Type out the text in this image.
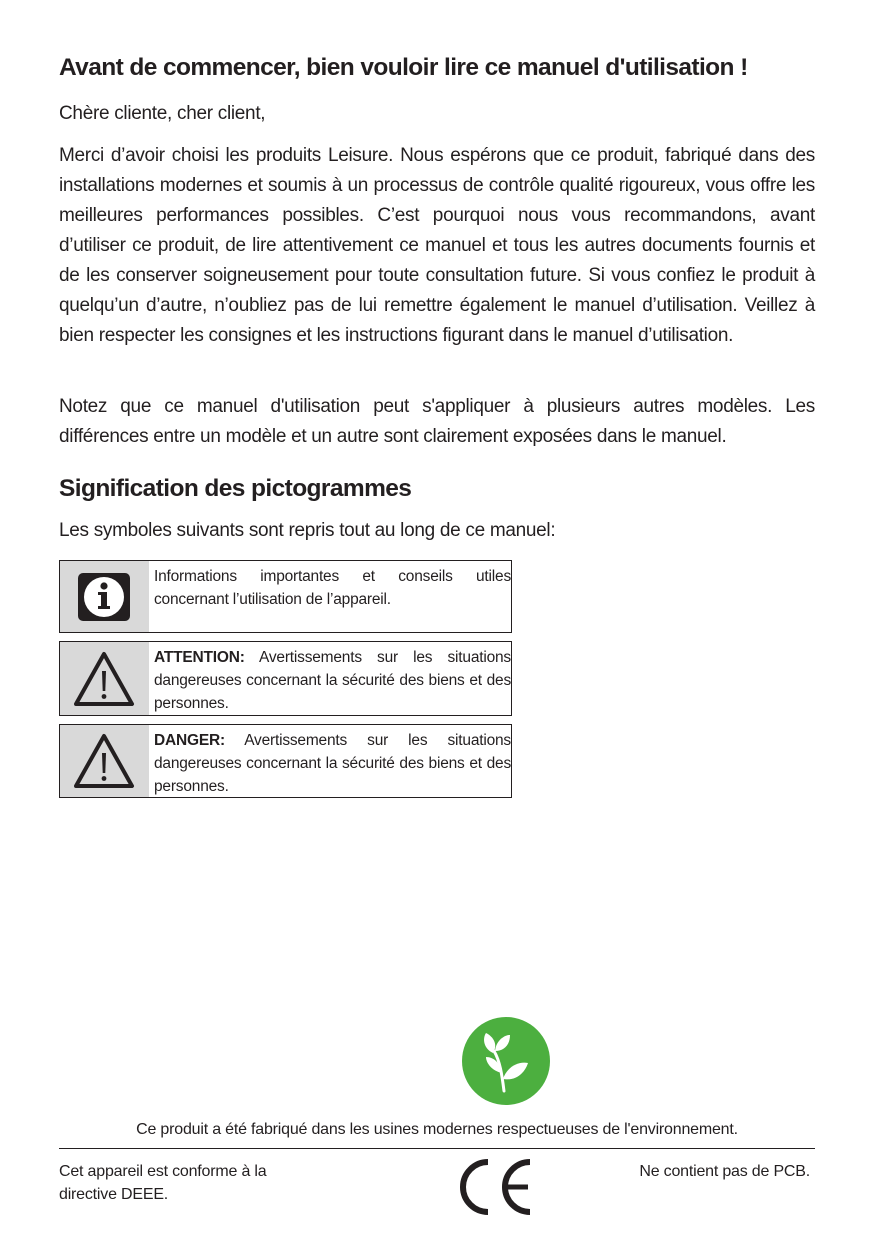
Avant de commencer, bien vouloir lire ce manuel d'utilisation !

Chère cliente, cher client,

Merci d’avoir choisi les produits Leisure. Nous espérons que ce produit, fabriqué dans des installations modernes et soumis à un processus de contrôle qualité rigoureux, vous offre les meilleures performances possibles. C’est pourquoi nous vous recommandons, avant d’utiliser ce produit, de lire attentivement ce manuel et tous les autres documents fournis et de les conserver soigneusement pour toute consultation future. Si vous confiez le produit à quelqu’un d’autre, n’oubliez pas de lui remettre également le manuel d’utilisation. Veillez à bien respecter les consignes et les instructions figurant dans le manuel d’utilisation.

Notez que ce manuel d'utilisation peut s'appliquer à plusieurs autres modèles. Les différences entre un modèle et un autre sont clairement exposées dans le manuel.

Signification des pictogrammes

Les symboles suivants sont repris tout au long de ce manuel:

Informations importantes et conseils utiles concernant l’utilisation de l’appareil.
ATTENTION: Avertissements sur les situations dangereuses concernant la sécurité des biens et des personnes.
DANGER: Avertissements sur les situations dangereuses concernant la sécurité des biens et des personnes.

Ce produit a été fabriqué dans les usines modernes respectueuses de l'environnement.

Cet appareil est conforme à la directive DEEE.

Ne contient pas de PCB.
